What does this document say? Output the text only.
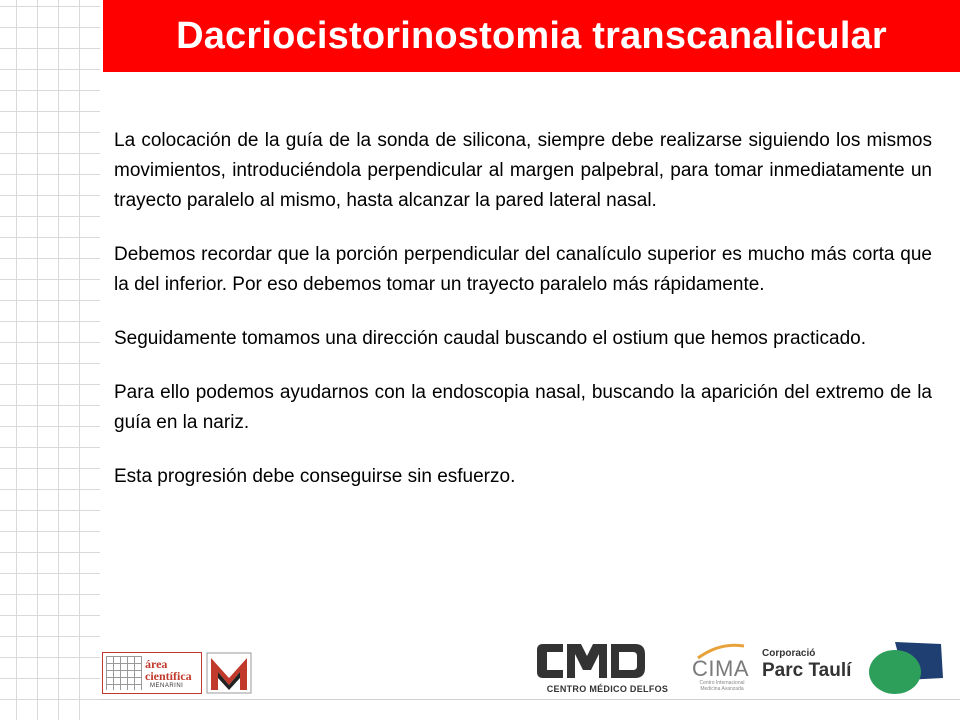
Dacriocistorinostomia transcanalicular

La colocación de la guía de la sonda de silicona, siempre debe realizarse siguiendo los mismos movimientos, introduciéndola perpendicular al margen palpebral, para tomar inmediatamente un trayecto paralelo al mismo, hasta alcanzar la pared lateral nasal.

Debemos recordar que la porción perpendicular del canalículo superior es mucho más corta que la del inferior. Por eso debemos tomar un trayecto paralelo más rápidamente.

Seguidamente tomamos una dirección caudal buscando el ostium que hemos practicado.

Para ello podemos ayudarnos con la endoscopia nasal, buscando la aparición del extremo de la guía en la nariz.

Esta progresión debe conseguirse sin esfuerzo.

área
científica
MENARINI	CENTRO MÉDICO DELFOS
CIMA
Centro Internacional Medicina Avanzada
Corporació
Parc Taulí
